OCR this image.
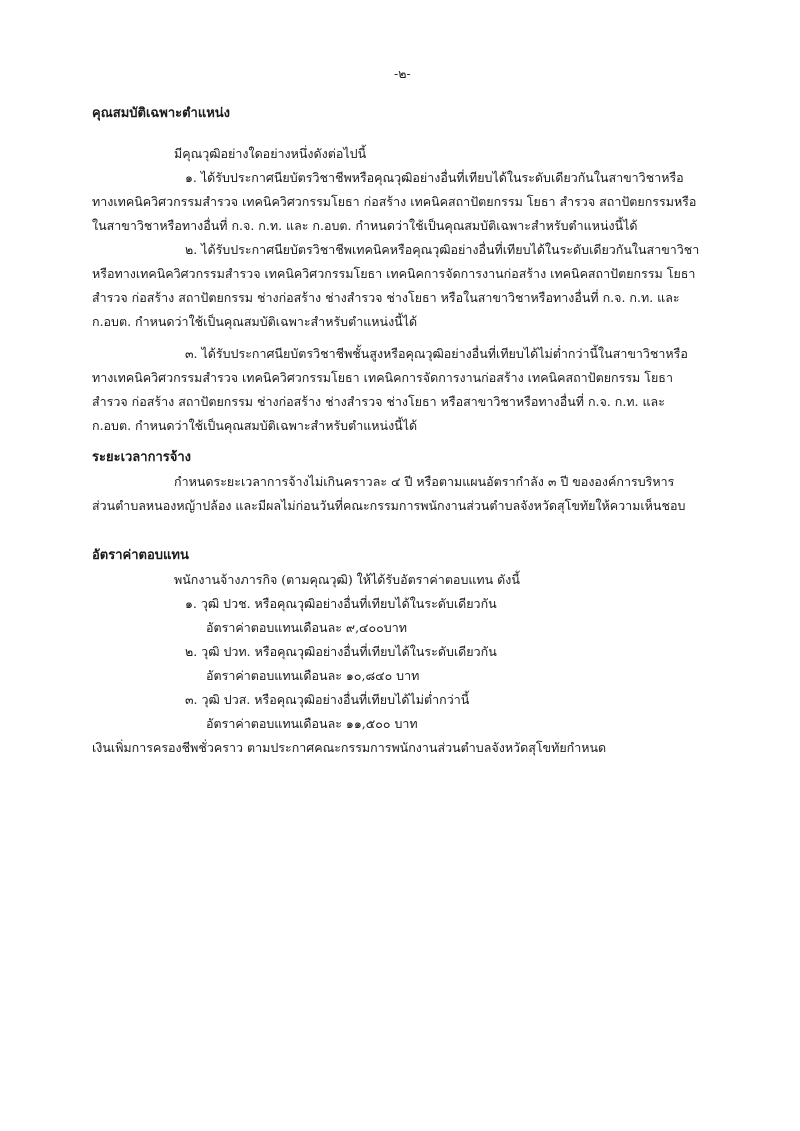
-๒-
คุณสมบัติเฉพาะตำแหน่ง
มีคุณวุฒิอย่างใดอย่างหนึ่งดังต่อไปนี้
๑. ได้รับประกาศนียบัตรวิชาชีพหรือคุณวุฒิอย่างอื่นที่เทียบได้ในระดับเดียวกันในสาขาวิชาหรือ
ทางเทคนิควิศวกรรมสำรวจ เทคนิควิศวกรรมโยธา ก่อสร้าง เทคนิคสถาปัตยกรรม โยธา สำรวจ สถาปัตยกรรมหรือ
ในสาขาวิชาหรือทางอื่นที่ ก.จ. ก.ท. และ ก.อบต. กำหนดว่าใช้เป็นคุณสมบัติเฉพาะสำหรับตำแหน่งนี้ได้
๒. ได้รับประกาศนียบัตรวิชาชีพเทคนิคหรือคุณวุฒิอย่างอื่นที่เทียบได้ในระดับเดียวกันในสาขาวิชา
หรือทางเทคนิควิศวกรรมสำรวจ เทคนิควิศวกรรมโยธา เทคนิคการจัดการงานก่อสร้าง เทคนิคสถาปัตยกรรม โยธา
สำรวจ ก่อสร้าง สถาปัตยกรรม ช่างก่อสร้าง ช่างสำรวจ ช่างโยธา หรือในสาขาวิชาหรือทางอื่นที่ ก.จ. ก.ท. และ
ก.อบต. กำหนดว่าใช้เป็นคุณสมบัติเฉพาะสำหรับตำแหน่งนี้ได้
๓. ได้รับประกาศนียบัตรวิชาชีพชั้นสูงหรือคุณวุฒิอย่างอื่นที่เทียบได้ไม่ต่ำกว่านี้ในสาขาวิชาหรือ
ทางเทคนิควิศวกรรมสำรวจ เทคนิควิศวกรรมโยธา เทคนิคการจัดการงานก่อสร้าง เทคนิคสถาปัตยกรรม โยธา
สำรวจ ก่อสร้าง สถาปัตยกรรม ช่างก่อสร้าง ช่างสำรวจ ช่างโยธา หรือสาขาวิชาหรือทางอื่นที่ ก.จ. ก.ท. และ
ก.อบต. กำหนดว่าใช้เป็นคุณสมบัติเฉพาะสำหรับตำแหน่งนี้ได้
ระยะเวลาการจ้าง
กำหนดระยะเวลาการจ้างไม่เกินคราวละ ๔ ปี หรือตามแผนอัตรากำลัง ๓ ปี ขององค์การบริหาร
ส่วนตำบลหนองหญ้าปล้อง และมีผลไม่ก่อนวันที่คณะกรรมการพนักงานส่วนตำบลจังหวัดสุโขทัยให้ความเห็นชอบ
อัตราค่าตอบแทน
พนักงานจ้างภารกิจ (ตามคุณวุฒิ) ให้ได้รับอัตราค่าตอบแทน ดังนี้
๑. วุฒิ ปวช. หรือคุณวุฒิอย่างอื่นที่เทียบได้ในระดับเดียวกัน
อัตราค่าตอบแทนเดือนละ ๙,๔๐๐บาท
๒. วุฒิ ปวท. หรือคุณวุฒิอย่างอื่นที่เทียบได้ในระดับเดียวกัน
อัตราค่าตอบแทนเดือนละ ๑๐,๘๔๐ บาท
๓. วุฒิ ปวส. หรือคุณวุฒิอย่างอื่นที่เทียบได้ไม่ต่ำกว่านี้
อัตราค่าตอบแทนเดือนละ ๑๑,๕๐๐ บาท
เงินเพิ่มการครองชีพชั่วคราว ตามประกาศคณะกรรมการพนักงานส่วนตำบลจังหวัดสุโขทัยกำหนด
